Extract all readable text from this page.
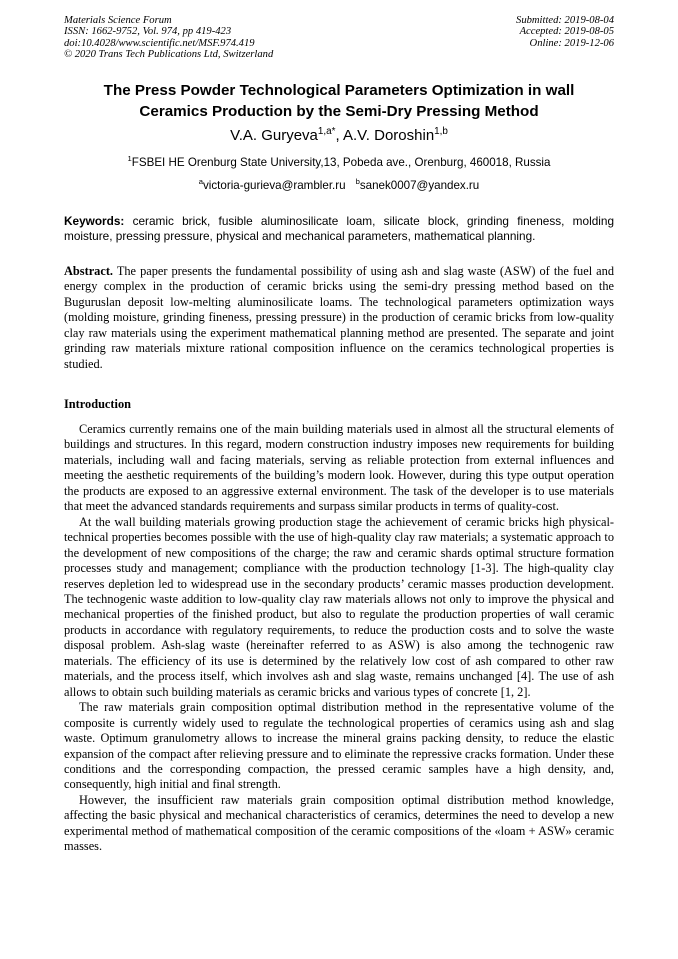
Materials Science Forum
ISSN: 1662-9752, Vol. 974, pp 419-423
doi:10.4028/www.scientific.net/MSF.974.419
© 2020 Trans Tech Publications Ltd, Switzerland
Submitted: 2019-08-04
Accepted: 2019-08-05
Online: 2019-12-06
The Press Powder Technological Parameters Optimization in wall
Ceramics Production by the Semi-Dry Pressing Method
V.A. Guryeva$^{1,a*}$, A.V. Doroshin$^{1,b}$
$^1$FSBEI HE Orenburg State University,13, Pobeda ave., Orenburg, 460018, Russia
$^a$victoria-gurieva@rambler.ru $^b$sanek0007@yandex.ru
Keywords: ceramic brick, fusible aluminosilicate loam, silicate block, grinding fineness, molding moisture, pressing pressure, physical and mechanical parameters, mathematical planning.
Abstract. The paper presents the fundamental possibility of using ash and slag waste (ASW) of the fuel and energy complex in the production of ceramic bricks using the semi-dry pressing method based on the Buguruslan deposit low-melting aluminosilicate loams. The technological parameters optimization ways (molding moisture, grinding fineness, pressing pressure) in the production of ceramic bricks from low-quality clay raw materials using the experiment mathematical planning method are presented. The separate and joint grinding raw materials mixture rational composition influence on the ceramics technological properties is studied.
Introduction

Ceramics currently remains one of the main building materials used in almost all the structural elements of buildings and structures. In this regard, modern construction industry imposes new requirements for building materials, including wall and facing materials, serving as reliable protection from external influences and meeting the aesthetic requirements of the building’s modern look. However, during this type output operation the products are exposed to an aggressive external environment. The task of the developer is to use materials that meet the advanced standards requirements and surpass similar products in terms of quality-cost.

At the wall building materials growing production stage the achievement of ceramic bricks high physical-technical properties becomes possible with the use of high-quality clay raw materials; a systematic approach to the development of new compositions of the charge; the raw and ceramic shards optimal structure formation processes study and management; compliance with the production technology [1-3]. The high-quality clay reserves depletion led to widespread use in the secondary products’ ceramic masses production development. The technogenic waste addition to low-quality clay raw materials allows not only to improve the physical and mechanical properties of the finished product, but also to regulate the production properties of wall ceramic products in accordance with regulatory requirements, to reduce the production costs and to solve the waste disposal problem. Ash-slag waste (hereinafter referred to as ASW) is also among the technogenic raw materials. The efficiency of its use is determined by the relatively low cost of ash compared to other raw materials, and the process itself, which involves ash and slag waste, remains unchanged [4]. The use of ash allows to obtain such building materials as ceramic bricks and various types of concrete [1, 2].

The raw materials grain composition optimal distribution method in the representative volume of the composite is currently widely used to regulate the technological properties of ceramics using ash and slag waste. Optimum granulometry allows to increase the mineral grains packing density, to reduce the elastic expansion of the compact after relieving pressure and to eliminate the repressive cracks formation. Under these conditions and the corresponding compaction, the pressed ceramic samples have a high density, and, consequently, high initial and final strength.

However, the insufficient raw materials grain composition optimal distribution method knowledge, affecting the basic physical and mechanical characteristics of ceramics, determines the need to develop a new experimental method of mathematical composition of the ceramic compositions of the «loam + ASW» ceramic masses.
